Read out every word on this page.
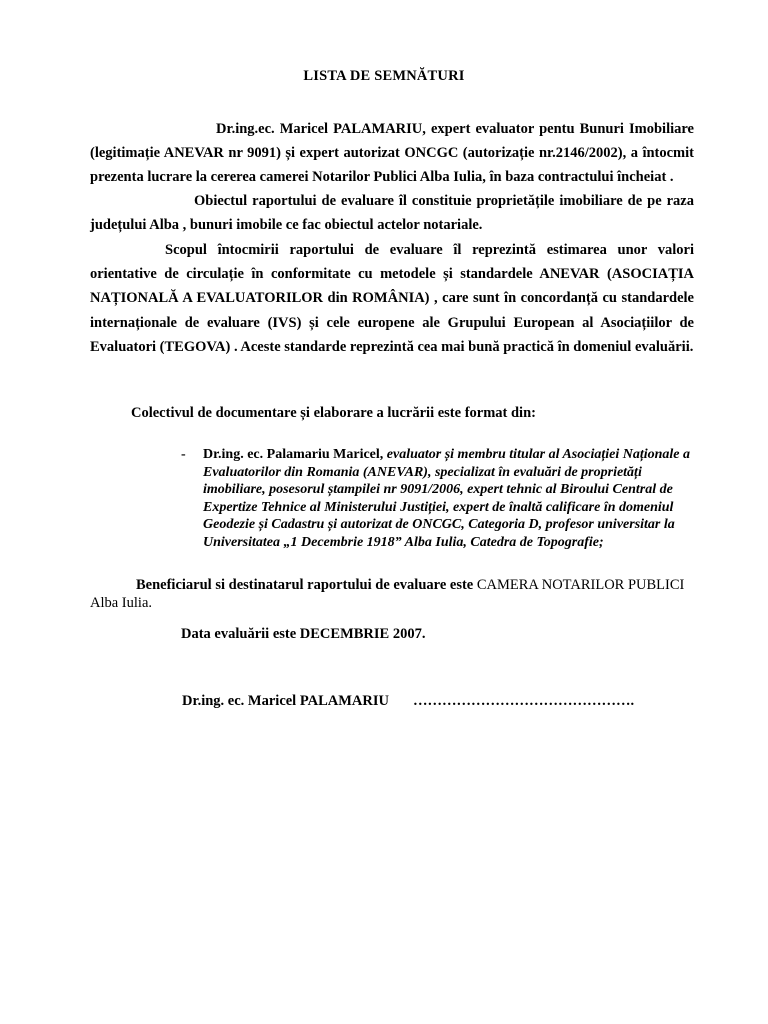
LISTA DE SEMNĂTURI

Dr.ing.ec. Maricel PALAMARIU, expert evaluator pentu Bunuri Imobiliare (legitimație ANEVAR nr 9091) și expert autorizat ONCGC (autorizație nr.2146/2002), a întocmit prezenta lucrare la cererea camerei Notarilor Publici Alba Iulia, în baza contractului încheiat .

Obiectul raportului de evaluare îl constituie proprietățile imobiliare de pe raza județului Alba , bunuri imobile ce fac obiectul actelor notariale.

Scopul întocmirii raportului de evaluare îl reprezintă estimarea unor valori orientative de circulație în conformitate cu metodele și standardele ANEVAR (ASOCIAȚIA NAȚIONALĂ A EVALUATORILOR din ROMÂNIA) , care sunt în concordanță cu standardele internaționale de evaluare (IVS) și cele europene ale Grupului European al Asociațiilor de Evaluatori (TEGOVA) . Aceste standarde reprezintă cea mai bună practică în domeniul evaluării.

Colectivul de documentare și elaborare a lucrării este format din:
- Dr.ing. ec. Palamariu Maricel, evaluator și membru titular al Asociației Naționale a Evaluatorilor din Romania (ANEVAR), specializat în evaluări de proprietăți imobiliare, posesorul ștampilei nr 9091/2006, expert tehnic al Biroului Central de Expertize Tehnice al Ministerului Justiției, expert de înaltă calificare în domeniul Geodezie și Cadastru și autorizat de ONCGC, Categoria D, profesor universitar la Universitatea „1 Decembrie 1918” Alba Iulia, Catedra de Topografie;

Beneficiarul si destinatarul raportului de evaluare este CAMERA NOTARILOR PUBLICI Alba Iulia.

Data evaluării este DECEMBRIE 2007.
Dr.ing. ec. Maricel PALAMARIU ……………………………………….
